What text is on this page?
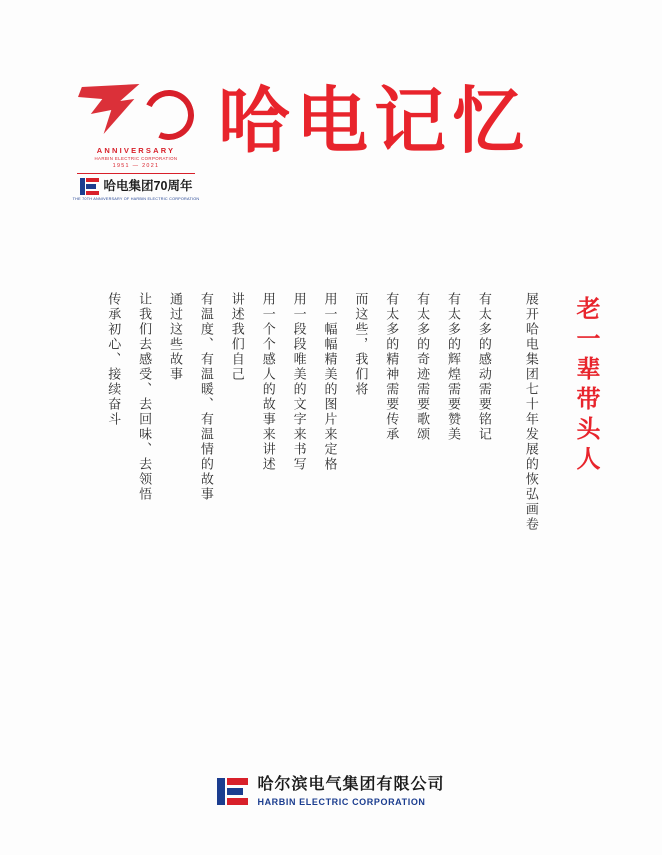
ANNIVERSARY
HARBIN ELECTRIC CORPORATION
1951 — 2021
哈电集团70周年
THE 70TH ANNIVERSARY OF HARBIN ELECTRIC CORPORATION
哈电记忆
老一辈带头人
展开哈电集团七十年发展的恢弘画卷
有太多的感动需要铭记
有太多的辉煌需要赞美
有太多的奇迹需要歌颂
有太多的精神需要传承
而这些，我们将
用一幅幅精美的图片来定格
用一段段唯美的文字来书写
用一个个感人的故事来讲述
讲述我们自己
有温度、有温暖、有温情的故事
通过这些故事
让我们去感受、去回味、去领悟
传承初心、接续奋斗
哈尔滨电气集团有限公司
HARBIN ELECTRIC CORPORATION
